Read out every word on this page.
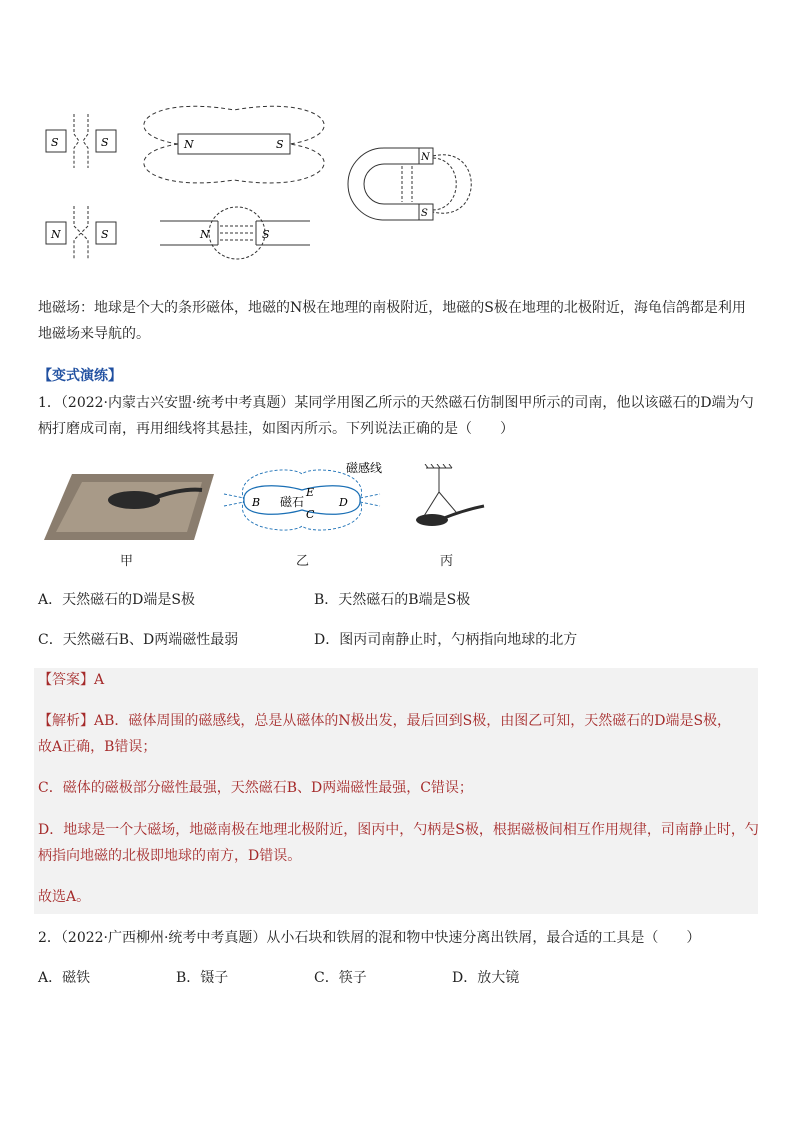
S	S	N	S
N	S	N	S
N
S
地磁场：地球是个大的条形磁体，地磁的N极在地理的南极附近，地磁的S极在地理的北极附近，海龟信鸽都是利用
地磁场来导航的。
【变式演练】
1．（2022·内蒙古兴安盟·统考中考真题）某同学用图乙所示的天然磁石仿制图甲所示的司南，他以该磁石的D端为勺
柄打磨成司南，再用细线将其悬挂，如图丙所示。下列说法正确的是（　　）
B	D
E
C
磁石
磁感线
甲	乙	丙
A．天然磁石的D端是S极	B．天然磁石的B端是S极
C．天然磁石B、D两端磁性最弱	D．图丙司南静止时，勺柄指向地球的北方
【答案】A
【解析】AB．磁体周围的磁感线，总是从磁体的N极出发，最后回到S极，由图乙可知，天然磁石的D端是S极，
故A正确，B错误；
C．磁体的磁极部分磁性最强，天然磁石B、D两端磁性最强，C错误；
D．地球是一个大磁场，地磁南极在地理北极附近，图丙中，勺柄是S极，根据磁极间相互作用规律，司南静止时，勺
柄指向地磁的北极即地球的南方，D错误。
故选A。
2．（2022·广西柳州·统考中考真题）从小石块和铁屑的混和物中快速分离出铁屑，最合适的工具是（　　）
A．磁铁	B．镊子	C．筷子	D．放大镜
